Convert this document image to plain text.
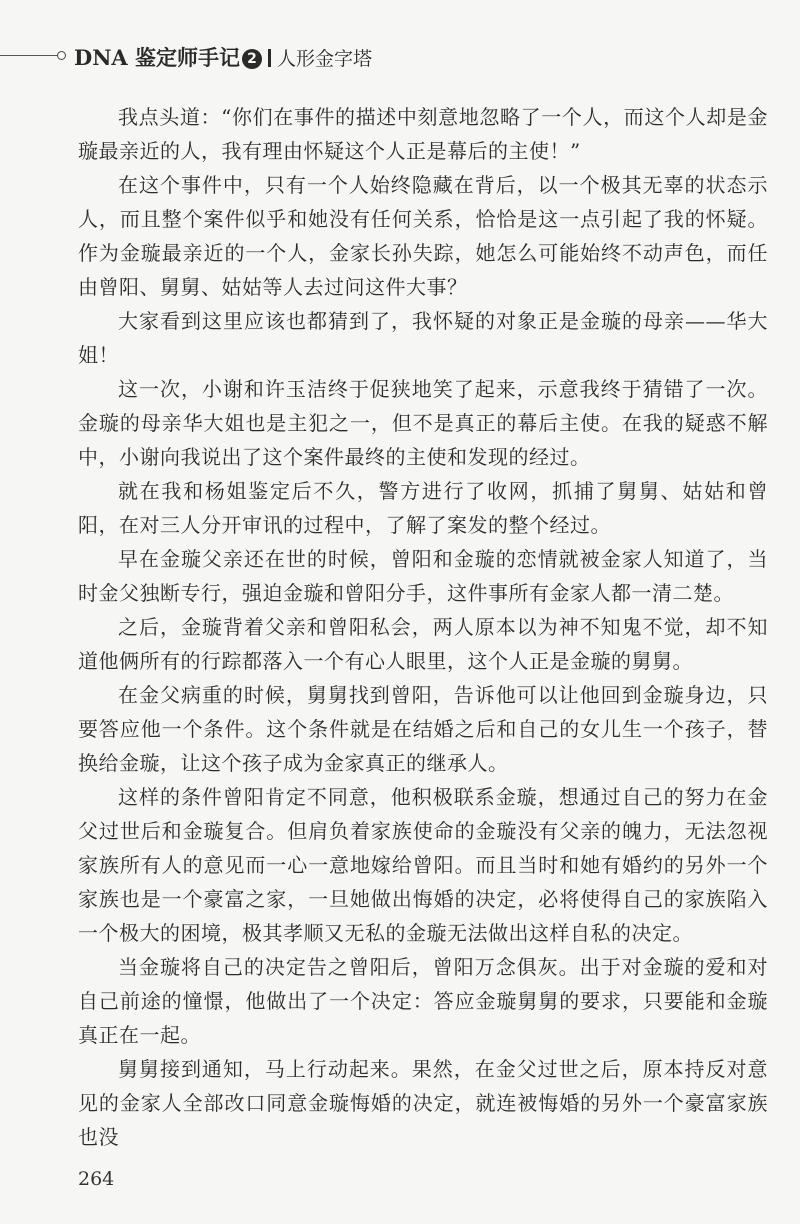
DNA 鉴定师手记 2 人形金字塔

我点头道：“你们在事件的描述中刻意地忽略了一个人，而这个人却是金璇最亲近的人，我有理由怀疑这个人正是幕后的主使！”

在这个事件中，只有一个人始终隐藏在背后，以一个极其无辜的状态示人，而且整个案件似乎和她没有任何关系，恰恰是这一点引起了我的怀疑。作为金璇最亲近的一个人，金家长孙失踪，她怎么可能始终不动声色，而任由曾阳、舅舅、姑姑等人去过问这件大事？

大家看到这里应该也都猜到了，我怀疑的对象正是金璇的母亲——华大姐！

这一次，小谢和许玉洁终于促狭地笑了起来，示意我终于猜错了一次。金璇的母亲华大姐也是主犯之一，但不是真正的幕后主使。在我的疑惑不解中，小谢向我说出了这个案件最终的主使和发现的经过。

就在我和杨姐鉴定后不久，警方进行了收网，抓捕了舅舅、姑姑和曾阳，在对三人分开审讯的过程中，了解了案发的整个经过。

早在金璇父亲还在世的时候，曾阳和金璇的恋情就被金家人知道了，当时金父独断专行，强迫金璇和曾阳分手，这件事所有金家人都一清二楚。

之后，金璇背着父亲和曾阳私会，两人原本以为神不知鬼不觉，却不知道他俩所有的行踪都落入一个有心人眼里，这个人正是金璇的舅舅。

在金父病重的时候，舅舅找到曾阳，告诉他可以让他回到金璇身边，只要答应他一个条件。这个条件就是在结婚之后和自己的女儿生一个孩子，替换给金璇，让这个孩子成为金家真正的继承人。

这样的条件曾阳肯定不同意，他积极联系金璇，想通过自己的努力在金父过世后和金璇复合。但肩负着家族使命的金璇没有父亲的魄力，无法忽视家族所有人的意见而一心一意地嫁给曾阳。而且当时和她有婚约的另外一个家族也是一个豪富之家，一旦她做出悔婚的决定，必将使得自己的家族陷入一个极大的困境，极其孝顺又无私的金璇无法做出这样自私的决定。

当金璇将自己的决定告之曾阳后，曾阳万念俱灰。出于对金璇的爱和对自己前途的憧憬，他做出了一个决定：答应金璇舅舅的要求，只要能和金璇真正在一起。

舅舅接到通知，马上行动起来。果然，在金父过世之后，原本持反对意见的金家人全部改口同意金璇悔婚的决定，就连被悔婚的另外一个豪富家族也没

264
